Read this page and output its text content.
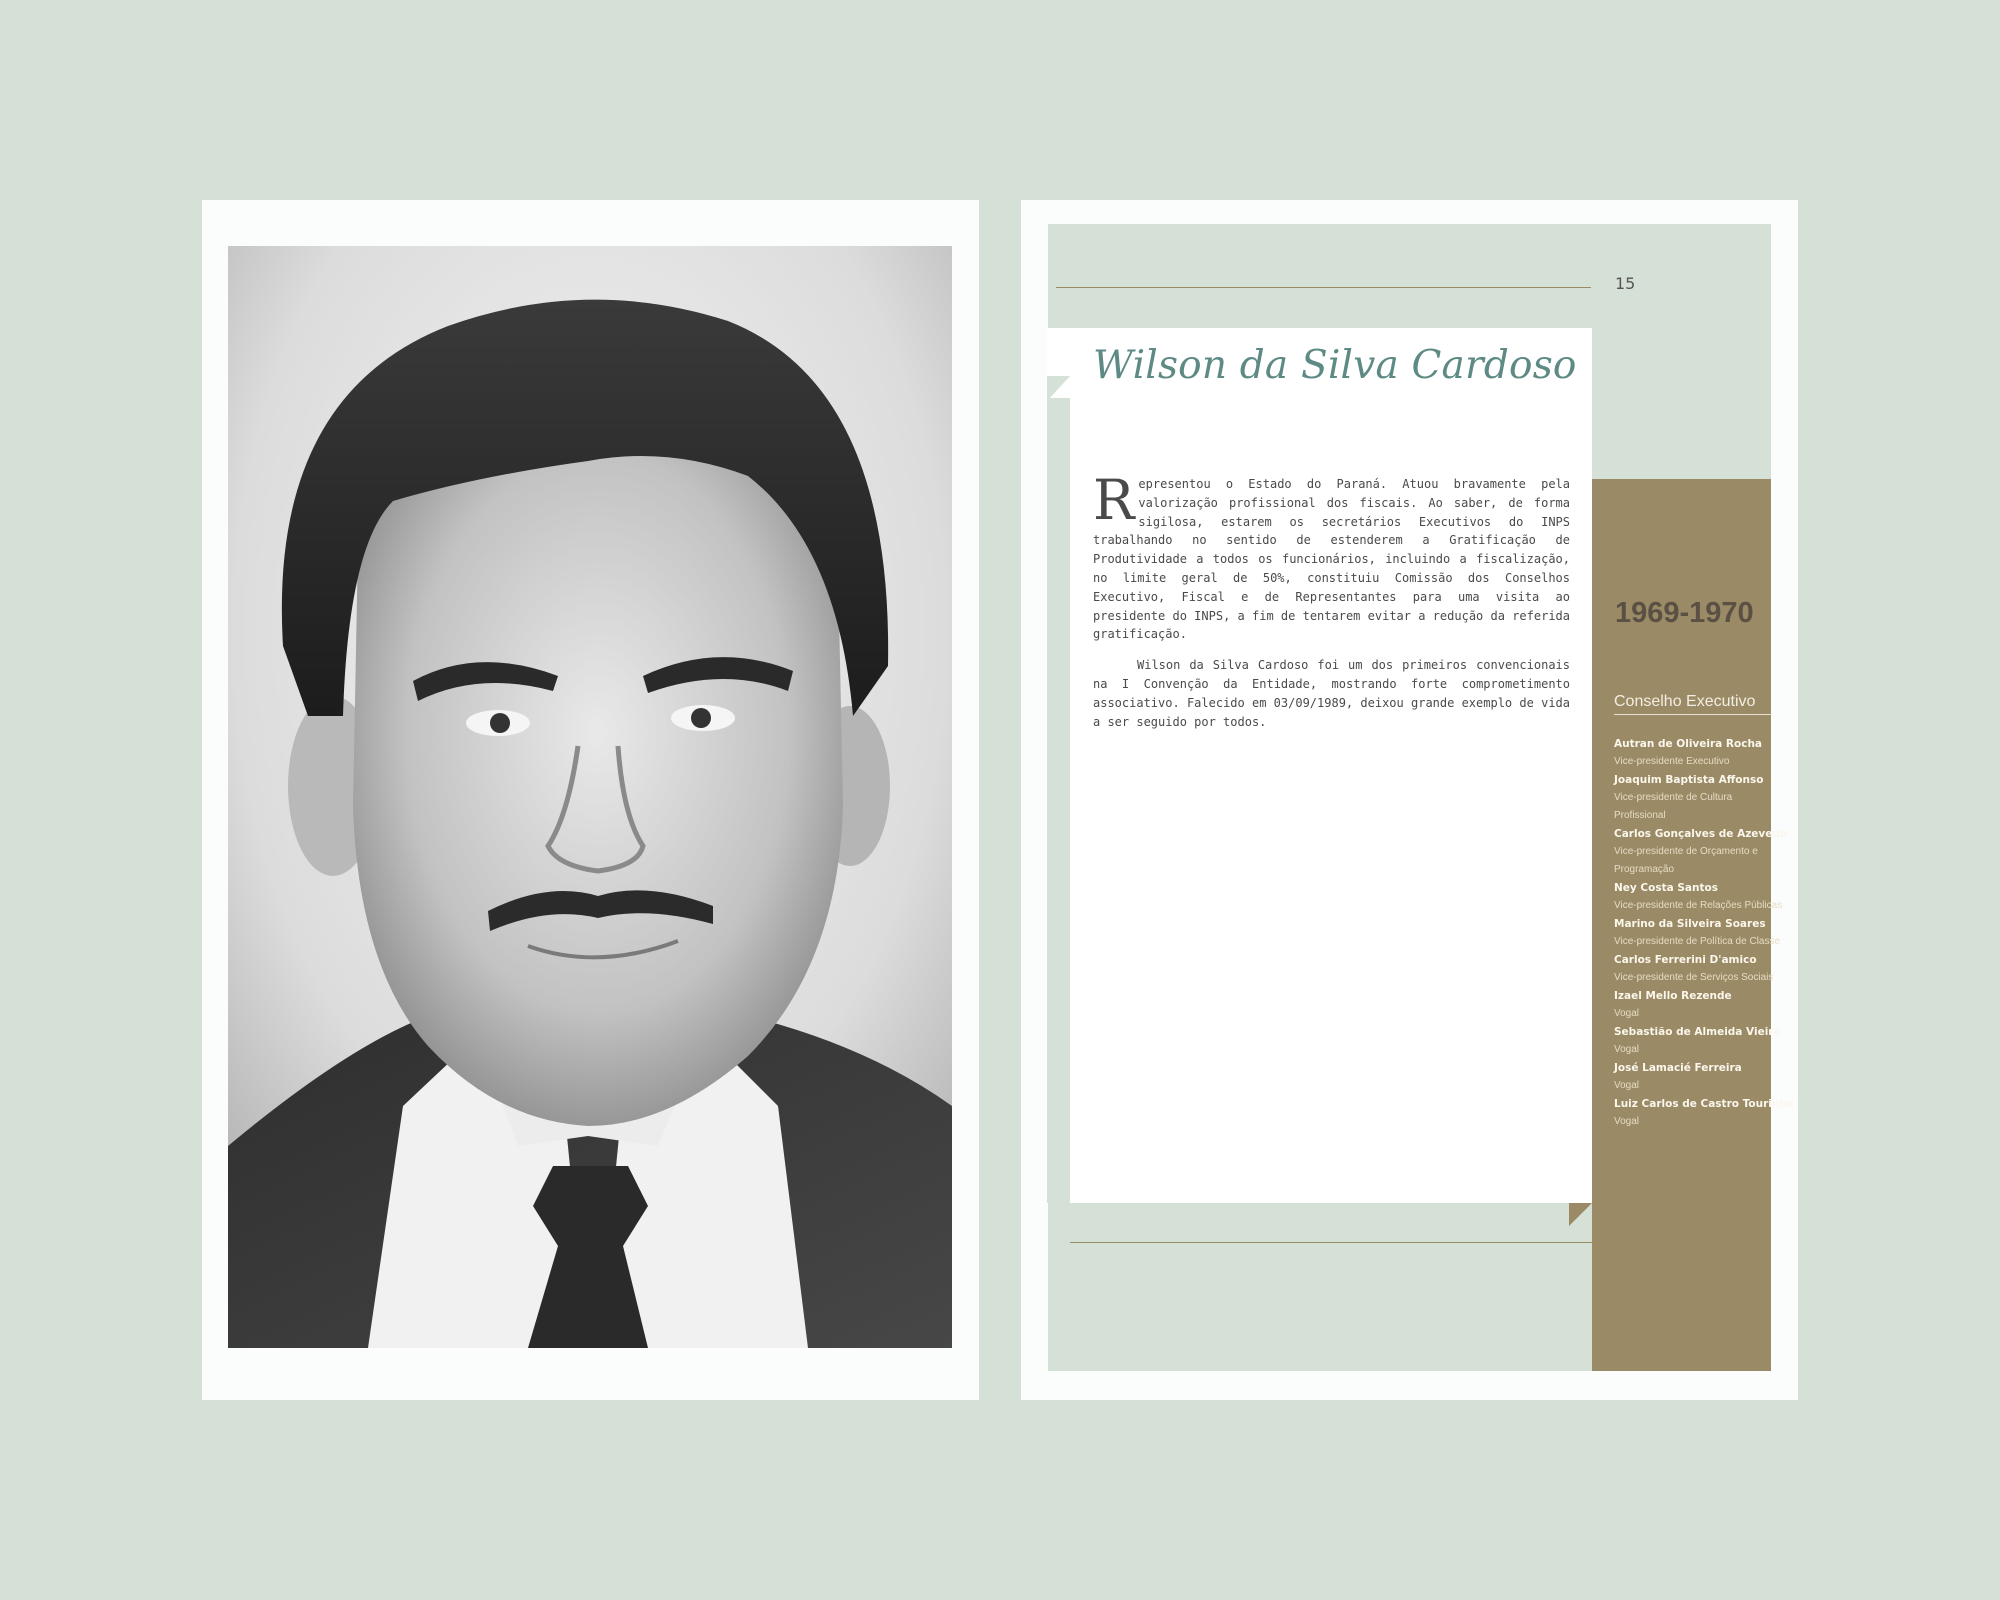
15
Wilson da Silva Cardoso

Representou o Estado do Paraná. Atuou bravamente pela valorização profissional dos fiscais. Ao saber, de forma sigilosa, estarem os secretários Executivos do INPS trabalhando no sentido de estenderem a Gratificação de Produtividade a todos os funcionários, incluindo a fiscalização, no limite geral de 50%, constituiu Comissão dos Conselhos Executivo, Fiscal e de Representantes para uma visita ao presidente do INPS, a fim de tentarem evitar a redução da referida gratificação.

Wilson da Silva Cardoso foi um dos primeiros convencionais na I Convenção da Entidade, mostrando forte comprometimento associativo. Falecido em 03/09/1989, deixou grande exemplo de vida a ser seguido por todos.

1969-1970
Conselho Executivo
Autran de Oliveira Rocha
Vice-presidente Executivo
Joaquim Baptista Affonso
Vice-presidente de Cultura Profissional
Carlos Gonçalves de Azevedo
Vice-presidente de Orçamento e Programação
Ney Costa Santos
Vice-presidente de Relações Públicas
Marino da Silveira Soares
Vice-presidente de Política de Classe
Carlos Ferrerini D'amico
Vice-presidente de Serviços Sociais
Izael Mello Rezende
Vogal
Sebastião de Almeida Vieira
Vogal
José Lamacié Ferreira
Vogal
Luiz Carlos de Castro Tourinho
Vogal
